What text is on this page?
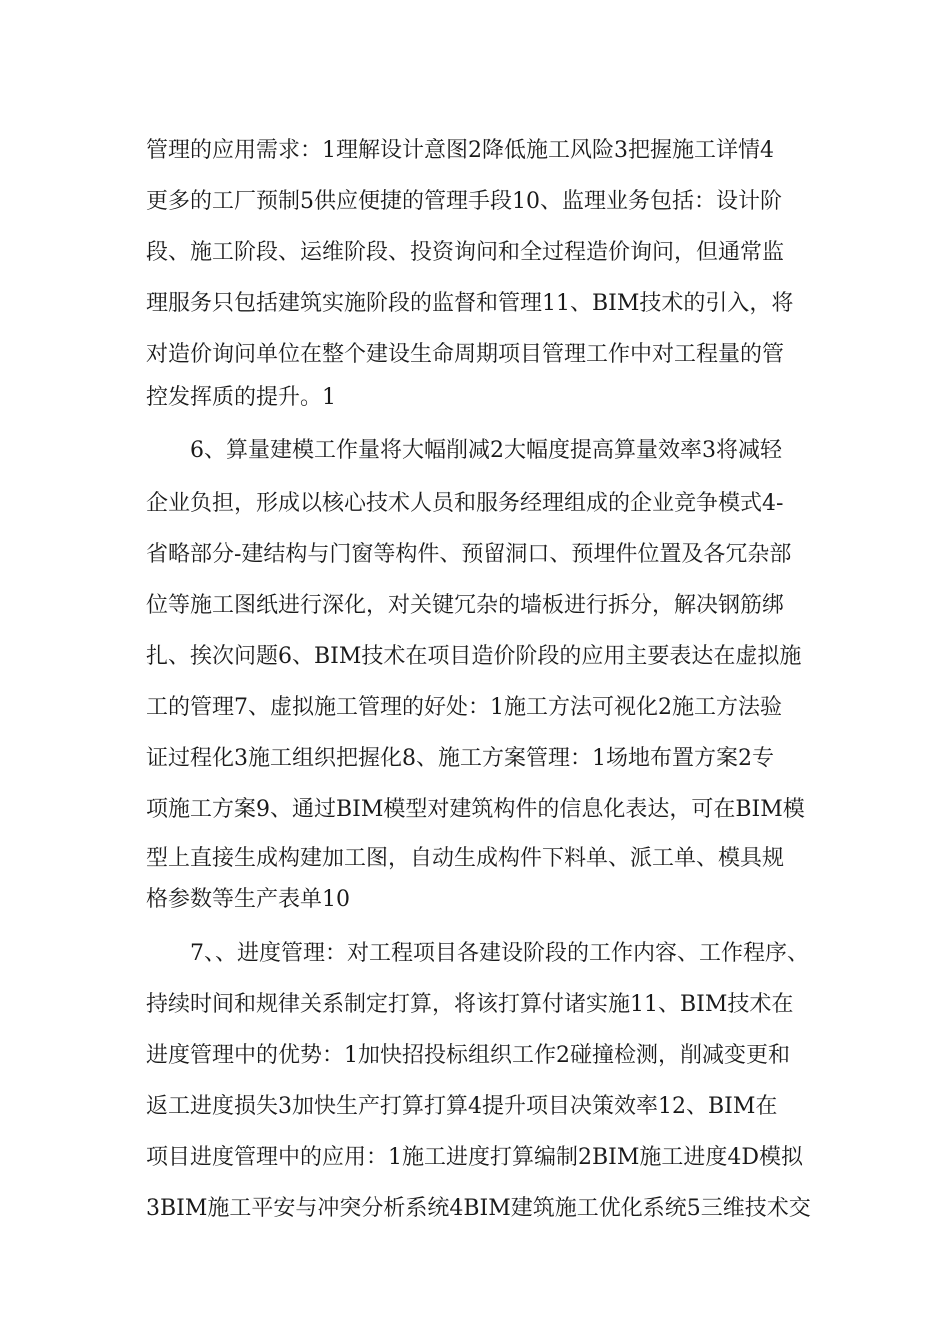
管理的应用需求：1理解设计意图2降低施工风险3把握施工详情4
更多的工厂预制5供应便捷的管理手段10、监理业务包括：设计阶
段、施工阶段、运维阶段、投资询问和全过程造价询问，但通常监
理服务只包括建筑实施阶段的监督和管理11、BIM技术的引入，将
对造价询问单位在整个建设生命周期项目管理工作中对工程量的管
控发挥质的提升。1
6、算量建模工作量将大幅削减2大幅度提高算量效率3将减轻
企业负担，形成以核心技术人员和服务经理组成的企业竞争模式4-
省略部分-建结构与门窗等构件、预留洞口、预埋件位置及各冗杂部
位等施工图纸进行深化，对关键冗杂的墙板进行拆分，解决钢筋绑
扎、挨次问题6、BIM技术在项目造价阶段的应用主要表达在虚拟施
工的管理7、虚拟施工管理的好处：1施工方法可视化2施工方法验
证过程化3施工组织把握化8、施工方案管理：1场地布置方案2专
项施工方案9、通过BIM模型对建筑构件的信息化表达，可在BIM模
型上直接生成构建加工图，自动生成构件下料单、派工单、模具规
格参数等生产表单10
7、、进度管理：对工程项目各建设阶段的工作内容、工作程序、
持续时间和规律关系制定打算，将该打算付诸实施11、BIM技术在
进度管理中的优势：1加快招投标组织工作2碰撞检测，削减变更和
返工进度损失3加快生产打算打算4提升项目决策效率12、BIM在
项目进度管理中的应用：1施工进度打算编制2BIM施工进度4D模拟
3BIM施工平安与冲突分析系统4BIM建筑施工优化系统5三维技术交
